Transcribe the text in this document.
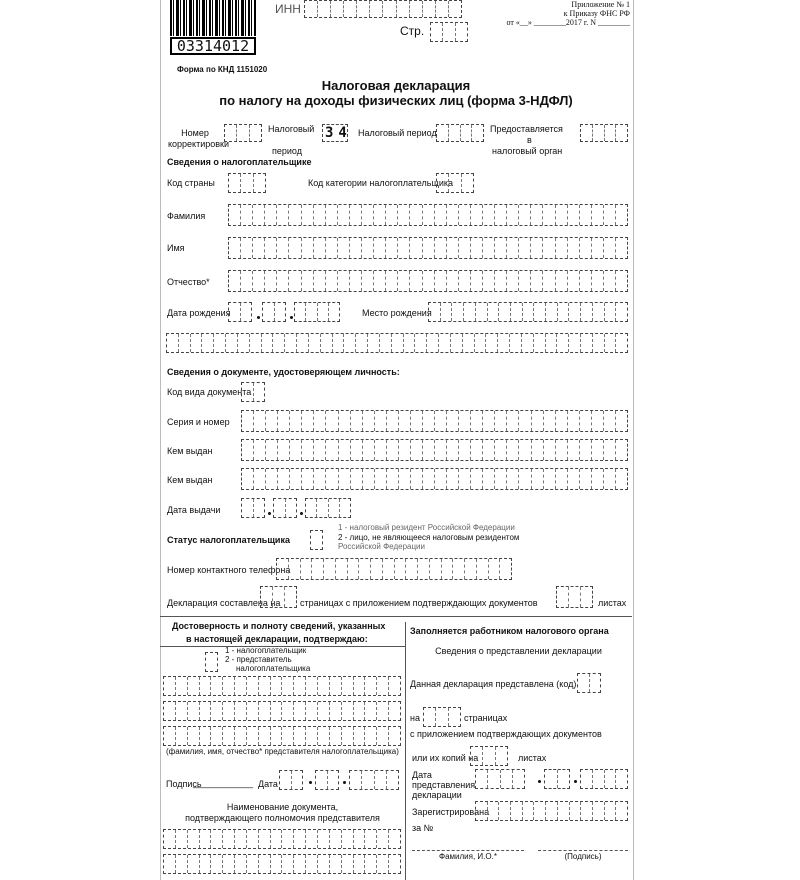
03314012
ИНН
Стр.
Приложение № 1
к Приказу ФНС РФ
от «__» ________2017 г. N ________
Форма по КНД 1151020
Налоговая декларация
по налогу на доходы физических лиц (форма 3-НДФЛ)
Номер
корректировки
Налоговый
период
34 Налоговый период	Предоставляется
в
налоговый орган
Сведения о налогоплательщике
Код страны	Код категории налогоплательщика
Фамилия
Имя
Отчество*
Дата рождения	Место рождения
Сведения о документе, удостоверяющем личность:
Код вида документа
Серия и номер
Кем выдан
Кем выдан
Дата выдачи
Статус налогоплательщика
1 - налоговый резидент Российской Федерации
2 - лицо, не являющееся налоговым резидентом
Российской Федерации
Номер контактного телефона
Декларация составлена на страницах с приложением подтверждающих документов	листах
Достоверность и полноту сведений, указанных
в настоящей декларации, подтверждаю:
1 - налогоплательщик
2 - представитель
налогоплательщика
(фамилия, имя, отчество* представителя налогоплательщика)
Подпись
____________ Дата
Наименование документа,
подтверждающего полномочия представителя
Заполняется работником налогового органа
Сведения о представлении декларации
Данная декларация представлена (код)
на	страницах
с приложением подтверждающих документов
или их копий на	листах
Дата
представления
декларации
Зарегистрирована
за №
Фамилия, И.О.*	(Подпись)
